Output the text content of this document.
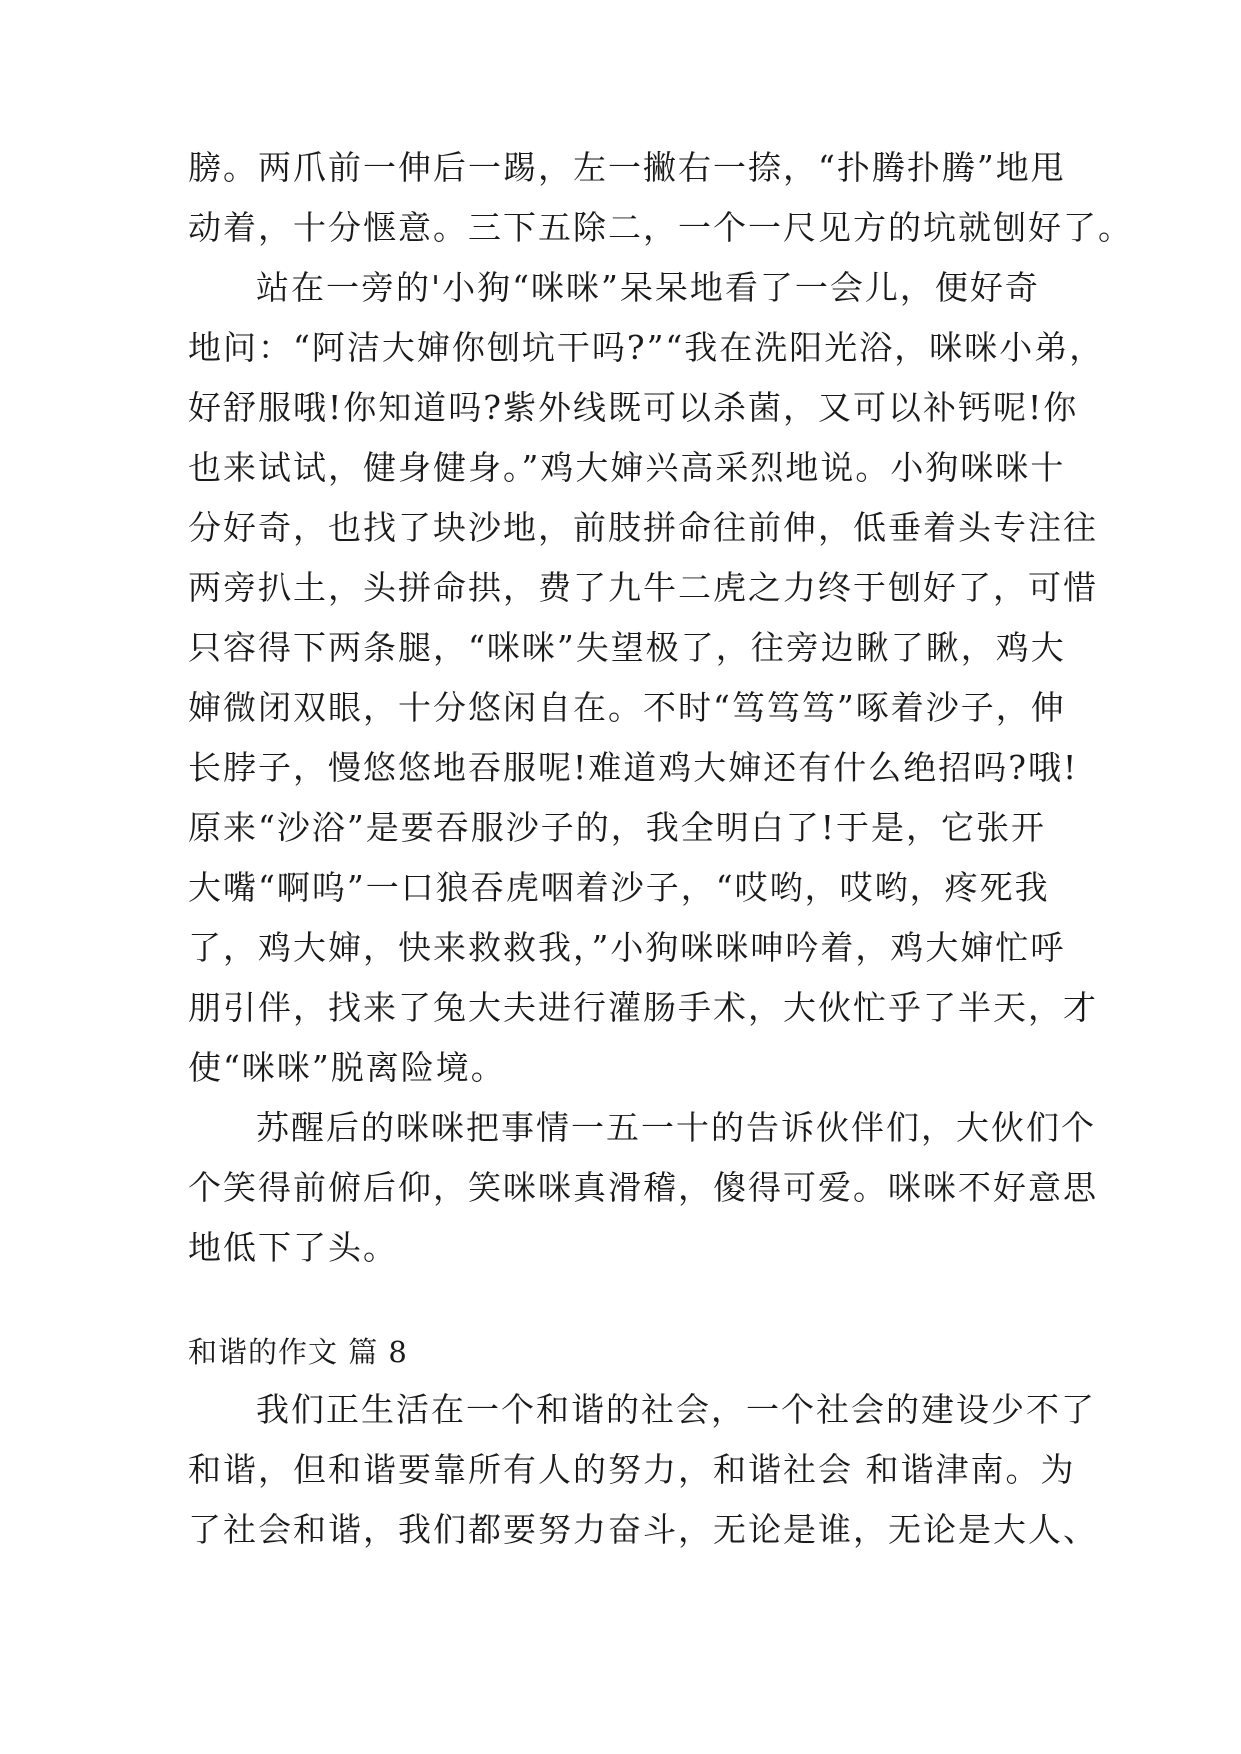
膀。两爪前一伸后一踢，左一撇右一捺，“扑腾扑腾”地甩
动着，十分惬意。三下五除二，一个一尺见方的坑就刨好了。
站在一旁的'小狗“咪咪”呆呆地看了一会儿，便好奇
地问：“阿洁大婶你刨坑干吗?”“我在洗阳光浴，咪咪小弟，
好舒服哦!你知道吗?紫外线既可以杀菌，又可以补钙呢!你
也来试试，健身健身。”鸡大婶兴高采烈地说。小狗咪咪十
分好奇，也找了块沙地，前肢拼命往前伸，低垂着头专注往
两旁扒土，头拼命拱，费了九牛二虎之力终于刨好了，可惜
只容得下两条腿，“咪咪”失望极了，往旁边瞅了瞅，鸡大
婶微闭双眼，十分悠闲自在。不时“笃笃笃”啄着沙子，伸
长脖子，慢悠悠地吞服呢!难道鸡大婶还有什么绝招吗?哦!
原来“沙浴”是要吞服沙子的，我全明白了!于是，它张开
大嘴“啊呜”一口狼吞虎咽着沙子，“哎哟，哎哟，疼死我
了，鸡大婶，快来救救我，”小狗咪咪呻吟着，鸡大婶忙呼
朋引伴，找来了兔大夫进行灌肠手术，大伙忙乎了半天，才
使“咪咪”脱离险境。
苏醒后的咪咪把事情一五一十的告诉伙伴们，大伙们个
个笑得前俯后仰，笑咪咪真滑稽，傻得可爱。咪咪不好意思
地低下了头。
和谐的作文 篇 8
我们正生活在一个和谐的社会，一个社会的建设少不了
和谐，但和谐要靠所有人的努力，和谐社会 和谐津南。为
了社会和谐，我们都要努力奋斗，无论是谁，无论是大人、
